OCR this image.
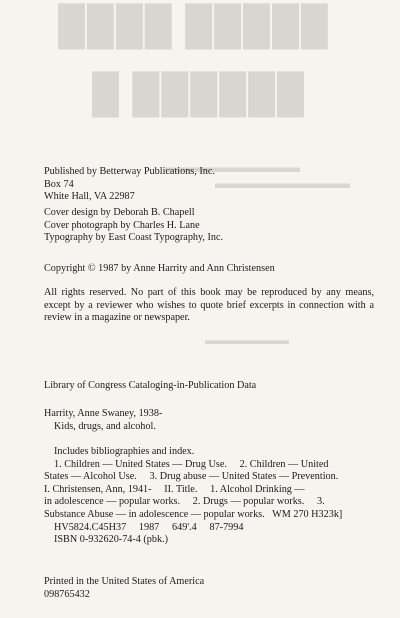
████ █████
█ ██████
▬▬▬▬▬▬▬▬▬
▬▬▬▬▬▬▬▬▬
▬▬▬▬▬▬▬
Published by Betterway Publications, Inc.
Box 74
White Hall, VA 22987
Cover design by Deborah B. Chapell
Cover photograph by Charles H. Lane
Typography by East Coast Typography, Inc.
Copyright © 1987 by Anne Harrity and Ann Christensen
All rights reserved. No part of this book may be reproduced by any means, except by a reviewer who wishes to quote brief excerpts in connection with a review in a magazine or newspaper.
Library of Congress Cataloging-in-Publication Data
Harrity, Anne Swaney, 1938-
Kids, drugs, and alcohol.
Includes bibliographies and index.
1. Children — United States — Drug Use.     2. Children — United
States — Alcohol Use.     3. Drug abuse — United States — Prevention.
I. Christensen, Ann, 1941-     II. Title.     1. Alcohol Drinking —
in adolescence — popular works.     2. Drugs — popular works.     3.
Substance Abuse — in adolescence — popular works.   WM 270 H323k]
HV5824.C45H37     1987     649'.4     87-7994
ISBN 0-932620-74-4 (pbk.)
Printed in the United States of America
098765432
